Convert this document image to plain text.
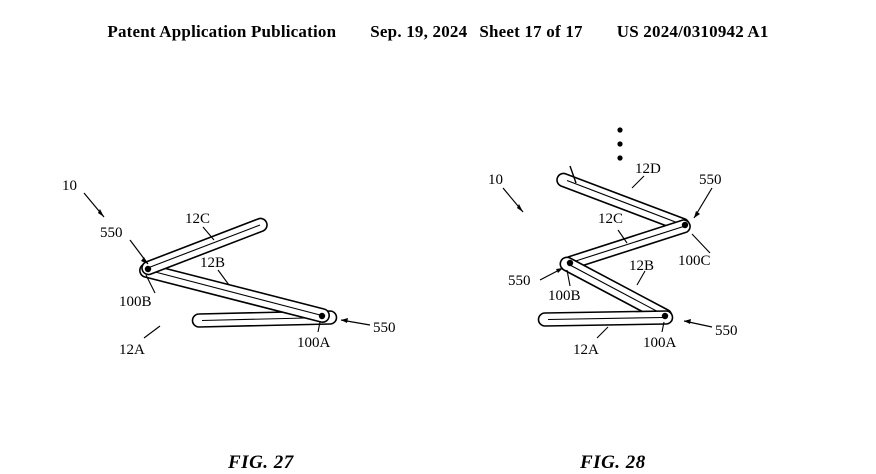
Patent Application Publication Sep. 19, 2024 Sheet 17 of 17 US 2024/0310942 A1
10
550
550
100B
100A
12A
12B
12C
10
12D
550
12C
100C
12B
550
100B
550
100A
12A
FIG. 27	FIG. 28
